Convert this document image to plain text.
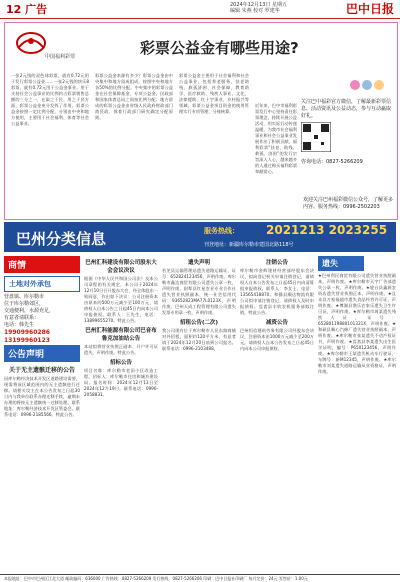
12 广告	2024年12月13日 星期五
编辑 朱燕 校对 罗建华	巴中日报
中国福利彩票	彩票公益金有哪些用途?
一张2元钱的双色球彩票，就有0.72元用于发行彩票公益金……一张2元钱的快乐8彩票，就有0.72元用于公益金事业。用于支持社会公益事业的比例约占彩票销售总额的三分之一，在取之于民、用之于民方面，彩票公益金充分发挥了作用。彩票公益金按照一定比例分配，分别由中央和地方使用，主要用于社会福利、体育等社会公益事业。
彩票公益金来源有多少？彩票公益金由中央集中和地方留成组成，按照中央和地方各50%的比例分配。中央集中的彩票公益金在社会保障基金、专项公益金、民政部和国家体育总局之间按比例分配；地方留成的彩票公益金由省级人民政府财政部门商民政、体育行政部门研究确定分配原则。
彩票公益金主要用于社会福利和社会公益事业，包括养老服务、扶老助残、救孤济困、社会保障、教育助学、医疗救助、残疾人事业、文化、法律援助、红十字事业、乡村振兴等领域。彩票公益金项目资金的使用管理实行专项管理、分账核算。
近年来，巴中市福利彩票发行中心坚持责任彩票理念，持续开展公益活动，用实际行动传递温暖，为我市社会福利事业和社会公益事业发展作出了积极贡献。福利彩票“扶老、助残、救孤、济困”的发行宗旨深入人心，越来越多的人通过购买福利彩票奉献爱心。
关注巴中福彩官方微信，了解最新彩票信息、活动资讯及公益动态，参与互动赢取好礼。
咨询电话：0827-5266209
欢迎关注巴州福彩微信公众号，了解更多内容。服务热线：0996-2502203
巴州分类信息	服务热线： 2021213 2023255
刊登地址：新疆库尔勒市建国北路118号
商情
土地对外承包
营盘镇、库尔勒市
位于库尔勒郊区，
交通便利，水源充足，
有意者请联系：
电话：韩先生
19909960286
13199960123
公告声明
关于无主遗骸迁移的公告
因库尔勒经济技术开发区道路建设需要，现需将该区域范围内的无主遗骸进行迁移。请相关坟主在本公告发布之日起30日内与我单位联系办理迁移手续，逾期未办理的将按无主遗骸统一迁移处理。联系地址：库尔勒经济技术开发区管委会。联系电话：0996-2185566。特此公告。
巴州汇科建设有限公司股东大会会议决议
根据《中华人民共和国公司法》及本公司章程的有关规定，本公司于2024年12月10日召开股东大会，经全体股东一致同意，作出如下决议：公司注册资本由原来的500万元减少至100万元，请债权人自本公告之日起45日内向本公司申报债权。联系人：王先生，电话：13899655270。特此公告。
巴州汇科能源有限公司巴音布鲁克加油站公告
本站拟将营业执照正副本、开户许可证遗失，声明作废。特此公告。
招标公告
项目名称：库尔勒市老旧小区改造工程。招标人：库尔勒市住房和城乡建设局。报名时间：2024年12月13日至2024年12月19日。联系电话：0996-2058831。
遗失声明
若羌县运输管理站遗失道路运输证，证号：652824123456，声明作废。库尔勒市鑫达商贸有限公司遗失公章一枚，声明作废。尉犁县红星农业专业合作社遗失营业执照副本，统一社会信用代码：93652823MA77L0123X，声明作废。巴州天成工程管理有限公司遗失发票专用章一枚，声明作废。
招租公告(二次)
我公司现有位于库尔勒市人民东路商铺对外招租，面积约120平方米，有意者请于2024年12月20日前到公司报名。联系电话：0996-2103488。
注销公告
库尔勒市金辉建材经营部经股东会决议，拟向登记机关申请注销登记，请债权人自本公告发布之日起45日内向清算组申报债权。联系人：李女士，电话：13565418870。和静县顺达物流有限公司拟申请注销登记，请债权人及时申报债权。焉耆县丰收农机服务部拟注销，特此公告。
减资公告
巴州恒信建筑劳务有限公司经股东会决议，注册资本由1000万元减少至200万元，请债权人自本公告发布之日起45日内向本公司申报债权。
遗失
★巴州利民商贸有限公司遗失营业执照副本，声明作废。★库尔勒市天宇广告部遗失公章一枚，声明作废。★轮台县鑫源农资店遗失营业执照正本，声明作废。★且末县万家福超市遗失食品经营许可证，声明作废。★博湖县渔乐农家乐遗失卫生许可证，声明作废。★库尔勒市周某遗失残疾人证，证号：65280119880101321X，声明作废。★和硕县顺心汽修厂遗失营业执照副本，声明作废。★库尔勒市张某遗失不动产权证书，声明作废。★焉耆县李某遗失出生医学证明，编号：P650123456，声明作废。★库尔勒市王某遗失机动车行驶证，车牌号：新M12345，声明作废。★库尔勒市刘某遗失道路运输从业资格证，声明作废。
本报地址：巴中市巴州区江北大道 邮政编码：636000 广告热线：0827-5266209 发行热线：0827-5266206 印刷：巴中日报社印刷厂 每月定价：24元 零售价：1.00元
